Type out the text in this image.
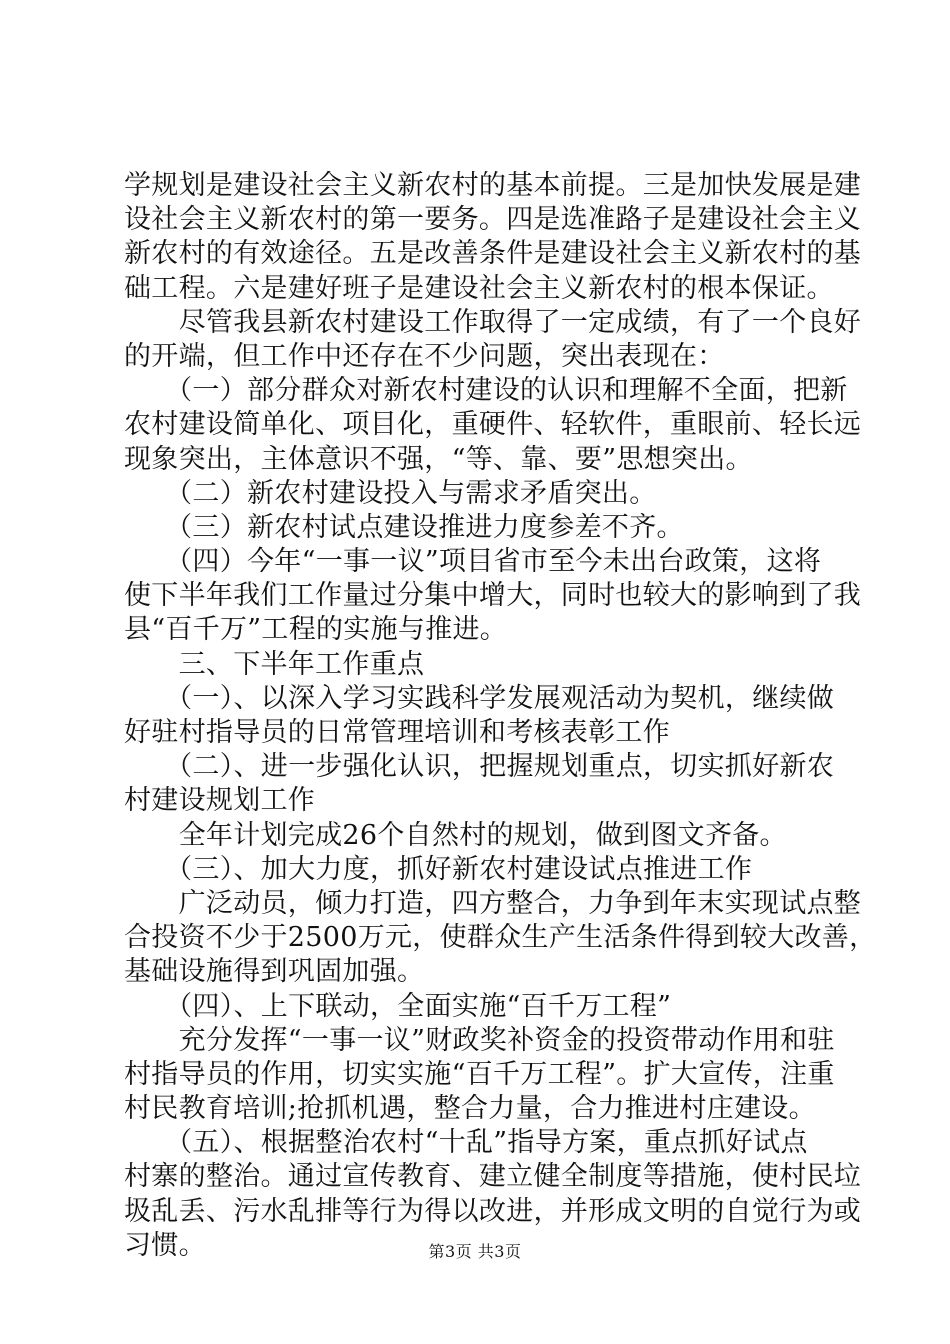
学规划是建设社会主义新农村的基本前提。三是加快发展是建
设社会主义新农村的第一要务。四是选准路子是建设社会主义
新农村的有效途径。五是改善条件是建设社会主义新农村的基
础工程。六是建好班子是建设社会主义新农村的根本保证。
　　尽管我县新农村建设工作取得了一定成绩，有了一个良好
的开端，但工作中还存在不少问题，突出表现在：
　　（一）部分群众对新农村建设的认识和理解不全面，把新
农村建设简单化、项目化，重硬件、轻软件，重眼前、轻长远
现象突出，主体意识不强，“等、靠、要”思想突出。
　　（二）新农村建设投入与需求矛盾突出。
　　（三）新农村试点建设推进力度参差不齐。
　　（四）今年“一事一议”项目省市至今未出台政策，这将
使下半年我们工作量过分集中增大，同时也较大的影响到了我
县“百千万”工程的实施与推进。
　　三、下半年工作重点
　　（一）、以深入学习实践科学发展观活动为契机，继续做
好驻村指导员的日常管理培训和考核表彰工作
　　（二）、进一步强化认识，把握规划重点，切实抓好新农
村建设规划工作
　　全年计划完成26个自然村的规划，做到图文齐备。
　　（三）、加大力度，抓好新农村建设试点推进工作
　　广泛动员，倾力打造，四方整合，力争到年末实现试点整
合投资不少于2500万元，使群众生产生活条件得到较大改善，
基础设施得到巩固加强。
　　（四）、上下联动，全面实施“百千万工程”
　　充分发挥“一事一议”财政奖补资金的投资带动作用和驻
村指导员的作用，切实实施“百千万工程”。扩大宣传，注重
村民教育培训;抢抓机遇，整合力量，合力推进村庄建设。
　　（五）、根据整治农村“十乱”指导方案，重点抓好试点
村寨的整治。通过宣传教育、建立健全制度等措施，使村民垃
圾乱丢、污水乱排等行为得以改进，并形成文明的自觉行为或
习惯。	第3页 共3页
